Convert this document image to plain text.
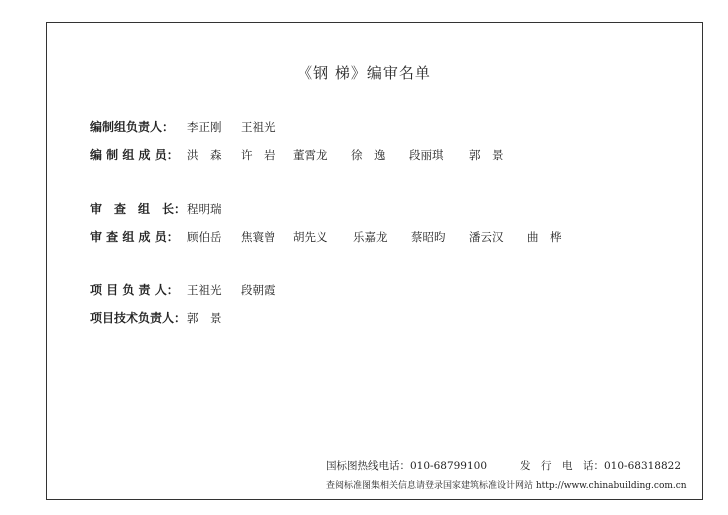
《钢 梯》编审名单
编制组负责人：	李正刚	王祖光
编 制 组 成 员： 洪　森	许　岩	董霄龙	徐　逸	段丽琪	郭　景
审　查　组　长： 程明瑞
审 查 组 成 员： 顾伯岳	焦寰曾	胡先义	乐嘉龙	蔡昭昀	潘云汉	曲　桦
项 目 负 责 人： 王祖光	段朝霞
项目技术负责人： 郭　景
国标图热线电话：010-68799100	发　行　电　话：010-68318822
查阅标准图集相关信息请登录国家建筑标准设计网站 http://www.chinabuilding.com.cn
